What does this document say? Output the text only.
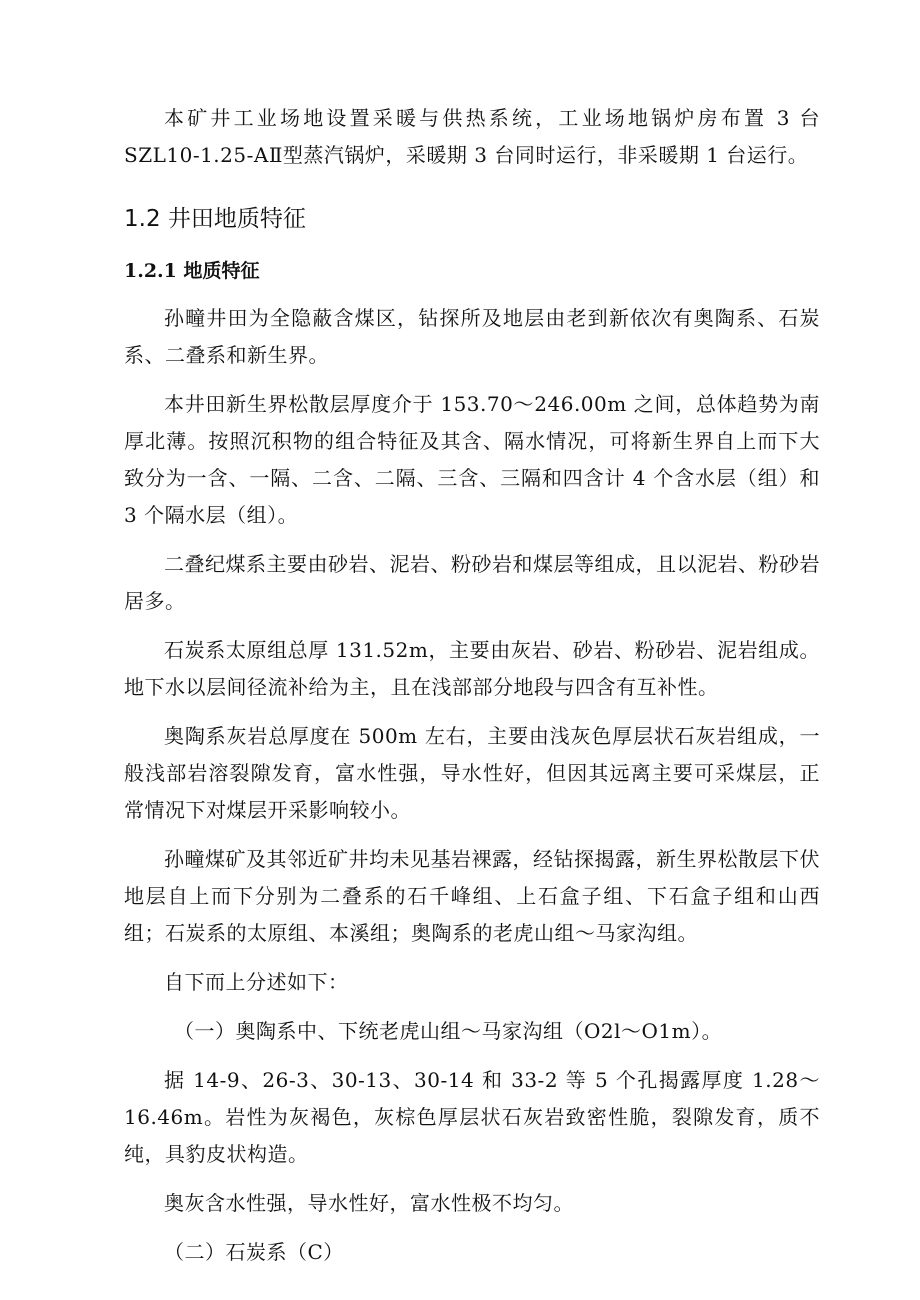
本矿井工业场地设置采暖与供热系统，工业场地锅炉房布置 3 台 SZL10-1.25-AⅡ型蒸汽锅炉，采暖期 3 台同时运行，非采暖期 1 台运行。

1.2 井田地质特征
1.2.1 地质特征

孙疃井田为全隐蔽含煤区，钻探所及地层由老到新依次有奥陶系、石炭系、二叠系和新生界。

本井田新生界松散层厚度介于 153.70～246.00m 之间，总体趋势为南厚北薄。按照沉积物的组合特征及其含、隔水情况，可将新生界自上而下大致分为一含、一隔、二含、二隔、三含、三隔和四含计 4 个含水层（组）和 3 个隔水层（组）。

二叠纪煤系主要由砂岩、泥岩、粉砂岩和煤层等组成，且以泥岩、粉砂岩居多。

石炭系太原组总厚 131.52m，主要由灰岩、砂岩、粉砂岩、泥岩组成。地下水以层间径流补给为主，且在浅部部分地段与四含有互补性。

奥陶系灰岩总厚度在 500m 左右，主要由浅灰色厚层状石灰岩组成，一般浅部岩溶裂隙发育，富水性强，导水性好，但因其远离主要可采煤层，正常情况下对煤层开采影响较小。

孙疃煤矿及其邻近矿井均未见基岩裸露，经钻探揭露，新生界松散层下伏地层自上而下分别为二叠系的石千峰组、上石盒子组、下石盒子组和山西组；石炭系的太原组、本溪组；奥陶系的老虎山组～马家沟组。

自下而上分述如下：

（一）奥陶系中、下统老虎山组～马家沟组（O2l～O1m）。

据 14-9、26-3、30-13、30-14 和 33-2 等 5 个孔揭露厚度 1.28～16.46m。岩性为灰褐色，灰棕色厚层状石灰岩致密性脆，裂隙发育，质不纯，具豹皮状构造。

奥灰含水性强，导水性好，富水性极不均匀。

（二）石炭系（C）
